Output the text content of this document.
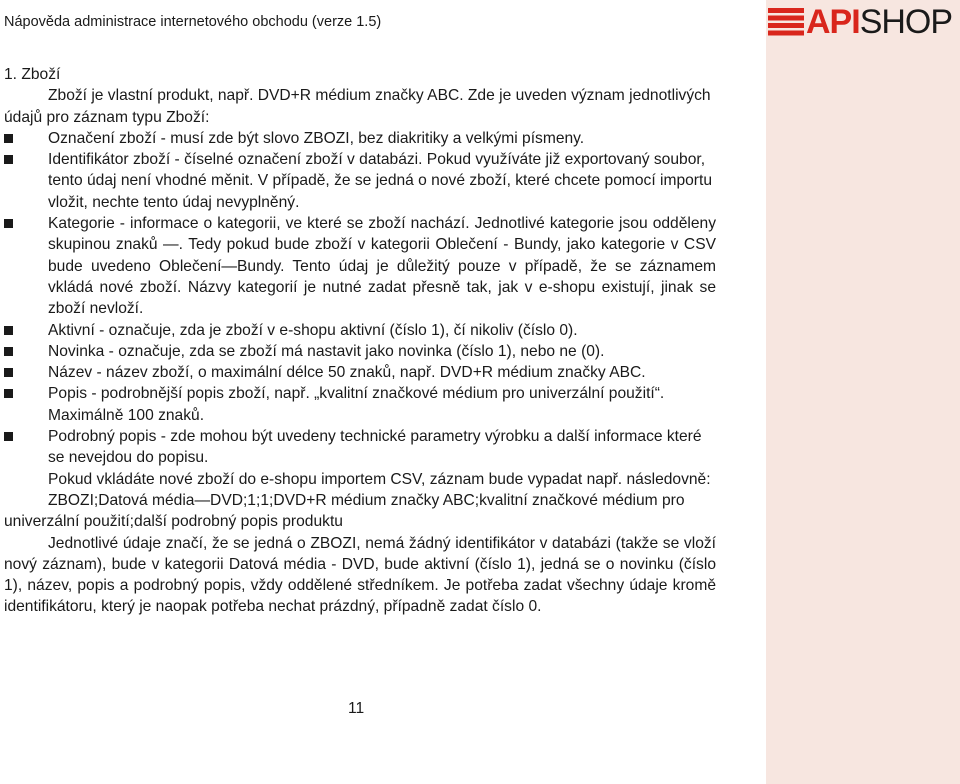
Nápověda administrace internetového obchodu (verze 1.5)	API SHOP
1. Zboží

Zboží je vlastní produkt, např. DVD+R médium značky ABC. Zde je uveden význam jednotlivých údajů pro záznam typu Zboží:

Označení zboží - musí zde být slovo ZBOZI, bez diakritiky a velkými písmeny.
Identifikátor zboží - číselné označení zboží v databázi. Pokud využíváte již exportovaný soubor, tento údaj není vhodné měnit. V případě, že se jedná o nové zboží, které chcete pomocí importu vložit, nechte tento údaj nevyplněný.
Kategorie - informace o kategorii, ve které se zboží nachází. Jednotlivé kategorie jsou odděleny skupinou znaků —. Tedy pokud bude zboží v kategorii Oblečení - Bundy, jako kategorie v CSV bude uvedeno Oblečení—Bundy. Tento údaj je důležitý pouze v případě, že se záznamem vkládá nové zboží. Názvy kategorií je nutné zadat přesně tak, jak v e-shopu existují, jinak se zboží nevloží.
Aktivní - označuje, zda je zboží v e-shopu aktivní (číslo 1), čí nikoliv (číslo 0).
Novinka - označuje, zda se zboží má nastavit jako novinka (číslo 1), nebo ne (0).
Název - název zboží, o maximální délce 50 znaků, např. DVD+R médium značky ABC.
Popis - podrobnější popis zboží, např. „kvalitní značkové médium pro univerzální použití“. Maximálně 100 znaků.
Podrobný popis - zde mohou být uvedeny technické parametry výrobku a další informace které se nevejdou do popisu.

Pokud vkládáte nové zboží do e-shopu importem CSV, záznam bude vypadat např. následovně:

ZBOZI;Datová média—DVD;1;1;DVD+R médium značky ABC;kvalitní značkové médium pro univerzální použití;další podrobný popis produktu

Jednotlivé údaje značí, že se jedná o ZBOZI, nemá žádný identifikátor v databázi (takže se vloží nový záznam), bude v kategorii Datová média - DVD, bude aktivní (číslo 1), jedná se o novinku (číslo 1), název, popis a podrobný popis, vždy oddělené středníkem. Je potřeba zadat všechny údaje kromě identifikátoru, který je naopak potřeba nechat prázdný, případně zadat číslo 0.

11
